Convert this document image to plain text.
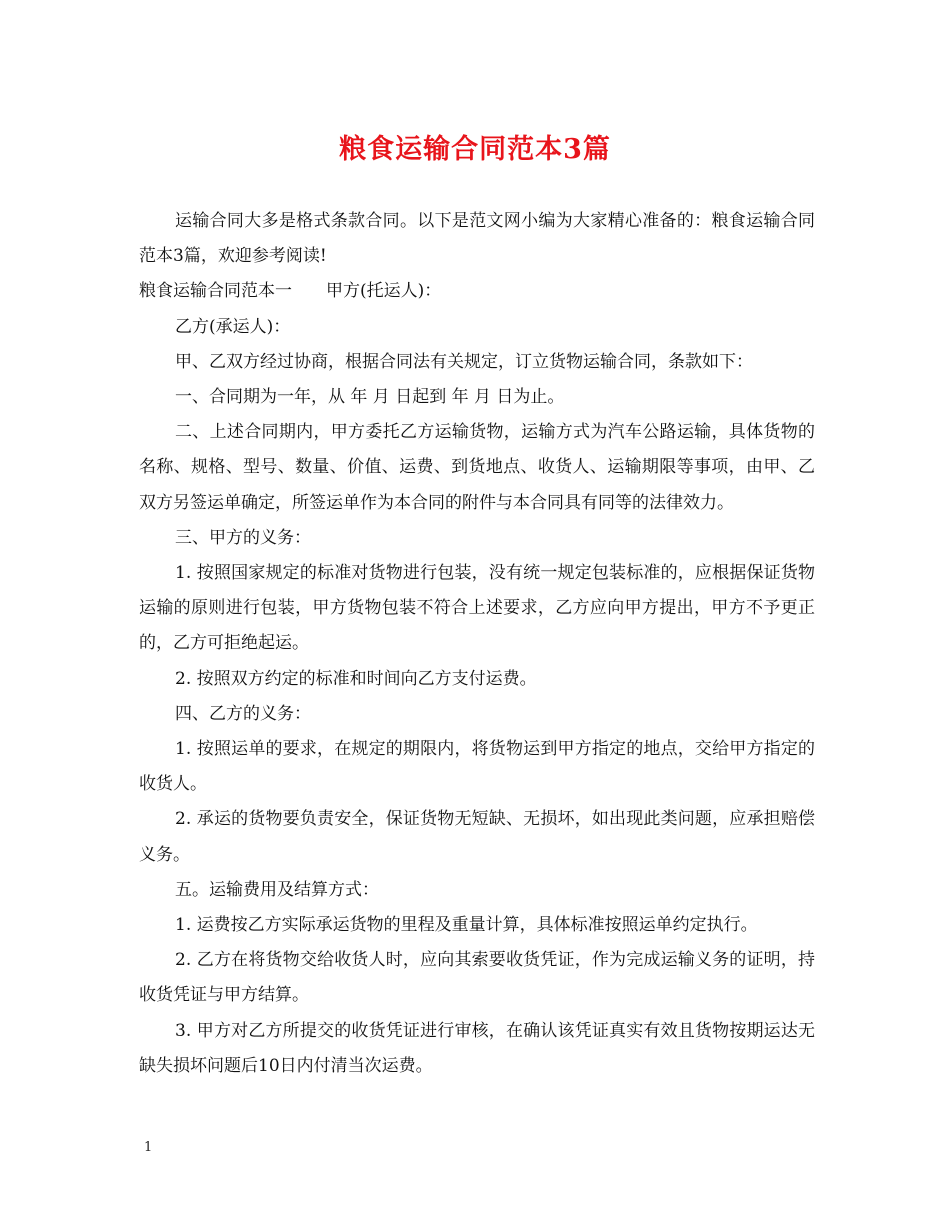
粮食运输合同范本3篇

运输合同大多是格式条款合同。以下是范文网小编为大家精心准备的：粮食运输合同范本3篇，欢迎参考阅读!

粮食运输合同范本一　　甲方(托运人)：

乙方(承运人)：

甲、乙双方经过协商，根据合同法有关规定，订立货物运输合同，条款如下：

一、合同期为一年，从 年 月 日起到 年 月 日为止。

二、上述合同期内，甲方委托乙方运输货物，运输方式为汽车公路运输，具体货物的名称、规格、型号、数量、价值、运费、到货地点、收货人、运输期限等事项，由甲、乙双方另签运单确定，所签运单作为本合同的附件与本合同具有同等的法律效力。

三、甲方的义务：

1. 按照国家规定的标准对货物进行包装，没有统一规定包装标准的，应根据保证货物运输的原则进行包装，甲方货物包装不符合上述要求，乙方应向甲方提出，甲方不予更正的，乙方可拒绝起运。

2. 按照双方约定的标准和时间向乙方支付运费。

四、乙方的义务：

1. 按照运单的要求，在规定的期限内，将货物运到甲方指定的地点，交给甲方指定的收货人。

2. 承运的货物要负责安全，保证货物无短缺、无损坏，如出现此类问题，应承担赔偿义务。

五。运输费用及结算方式：

1. 运费按乙方实际承运货物的里程及重量计算，具体标准按照运单约定执行。

2. 乙方在将货物交给收货人时，应向其索要收货凭证，作为完成运输义务的证明，持收货凭证与甲方结算。

3. 甲方对乙方所提交的收货凭证进行审核，在确认该凭证真实有效且货物按期运达无缺失损坏问题后10日内付清当次运费。

1
